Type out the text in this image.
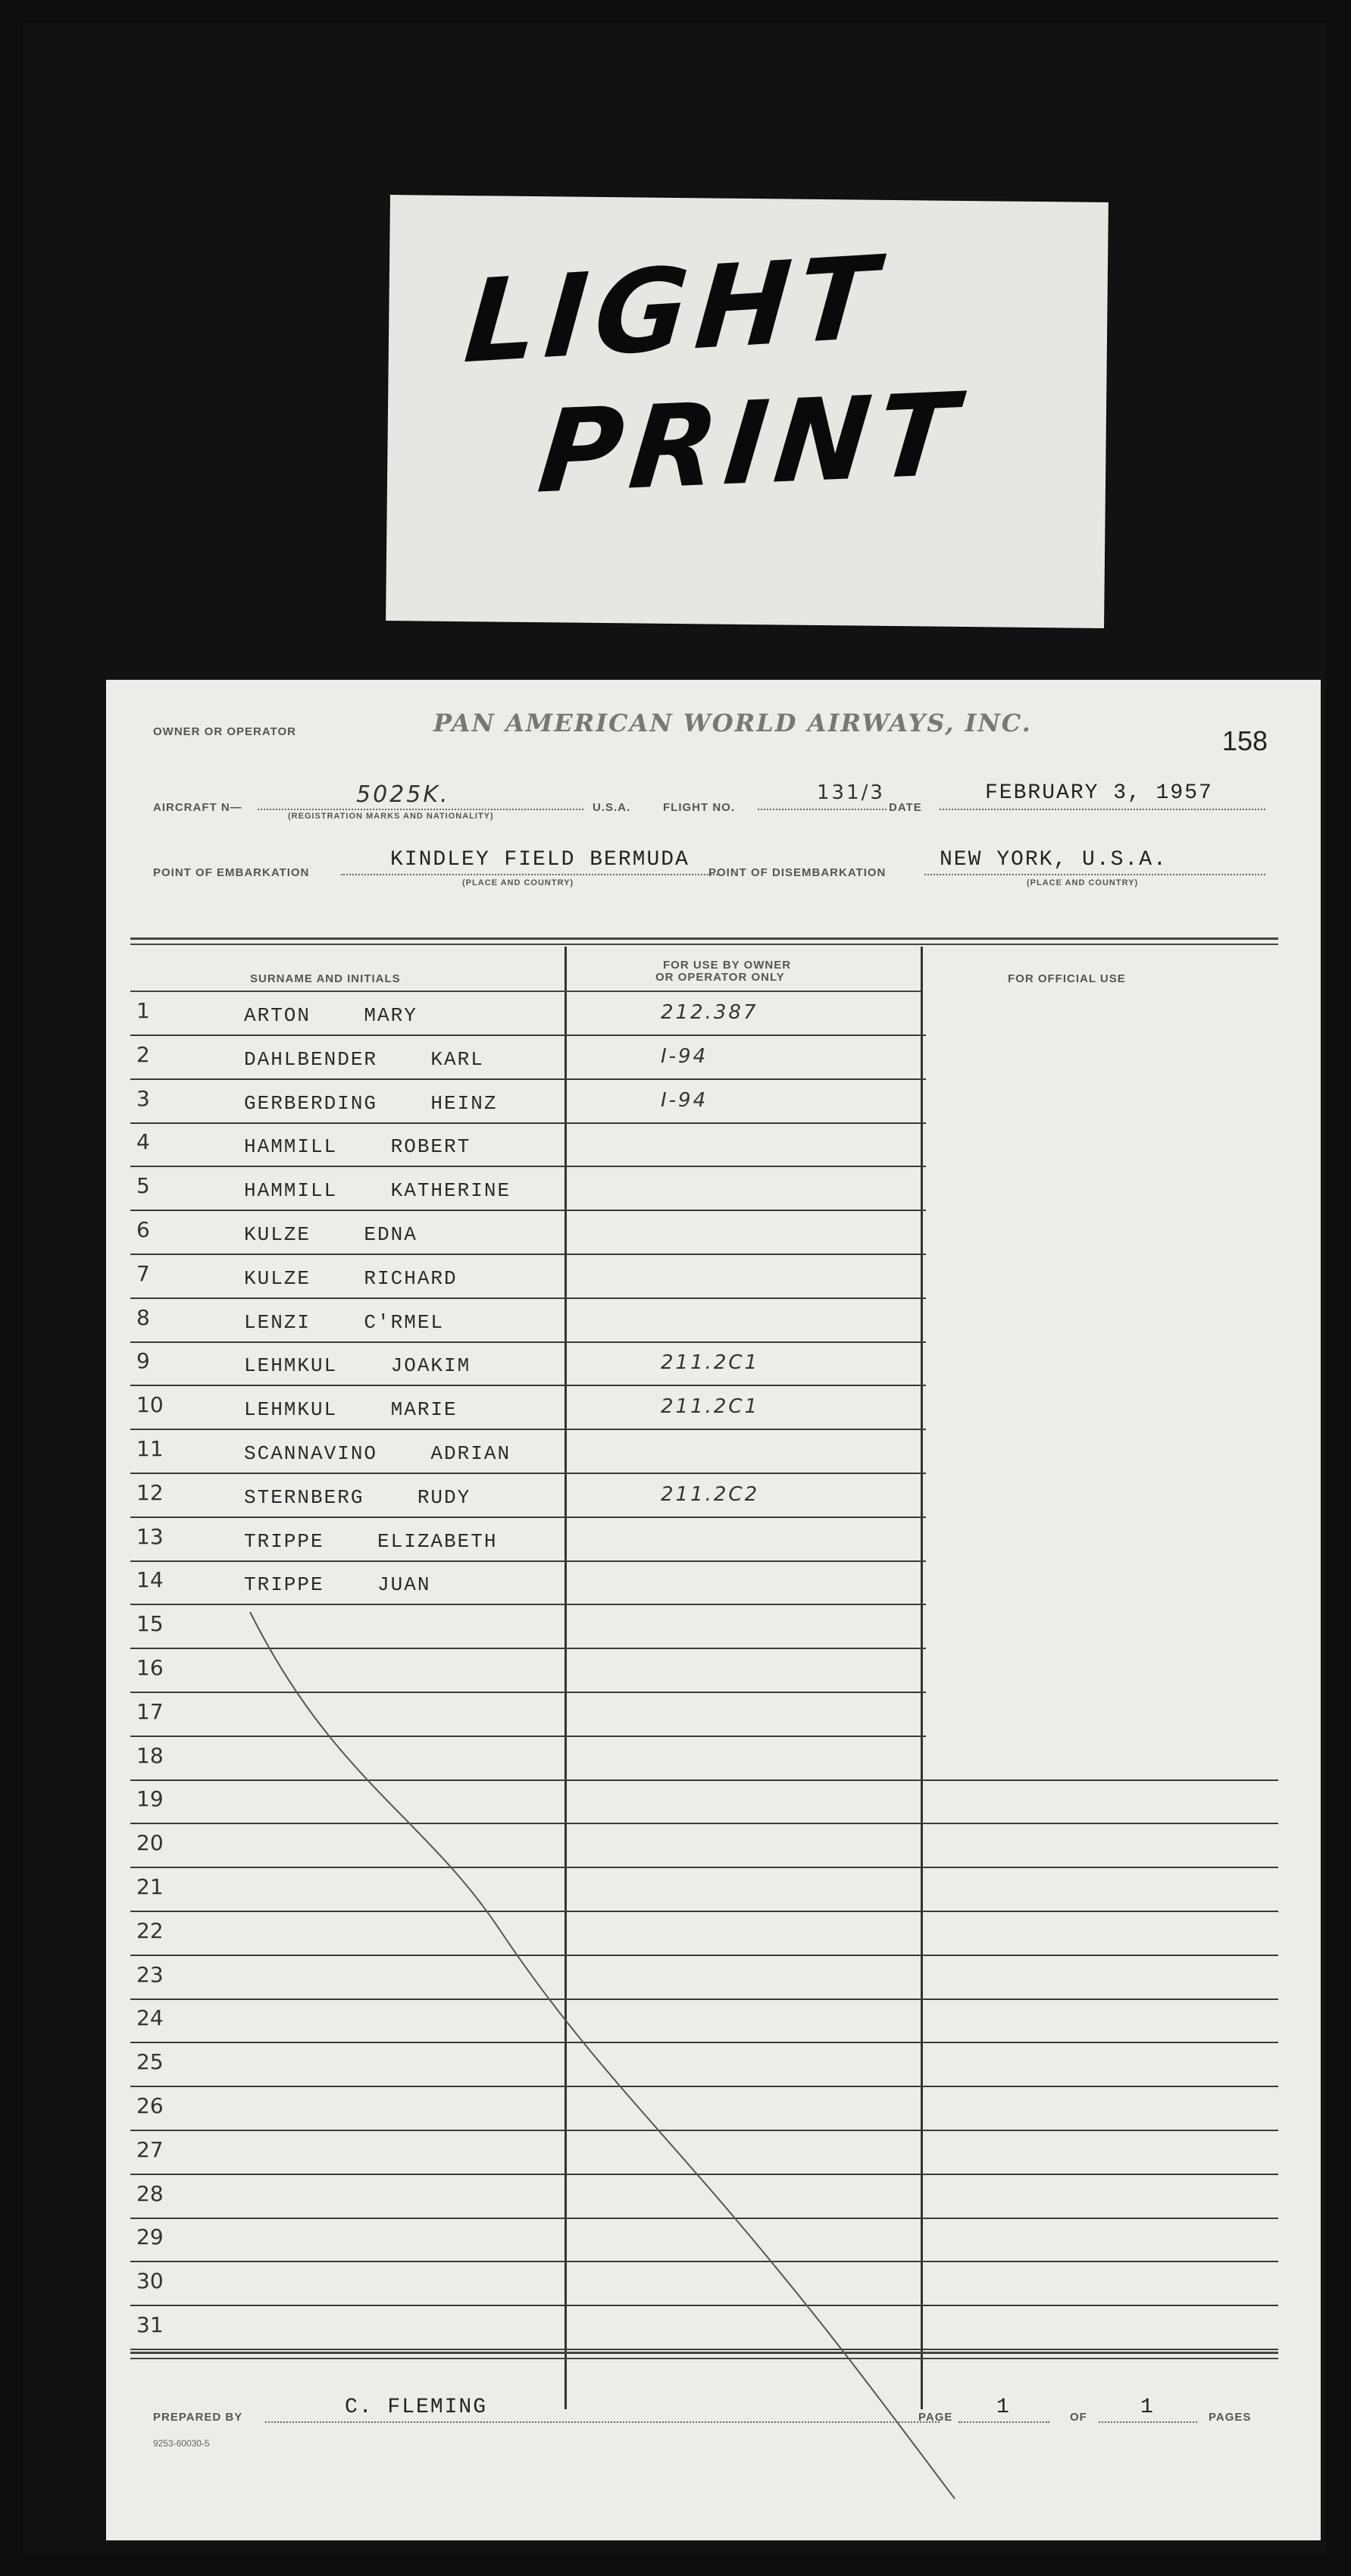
LIGHT
PRINT
OWNER OR OPERATOR	PAN AMERICAN WORLD AIRWAYS, INC.
158
AIRCRAFT N—	5025K.
(REGISTRATION MARKS AND NATIONALITY)
U.S.A.	FLIGHT NO.
131/3
DATE
FEBRUARY 3, 1957
POINT OF EMBARKATION
KINDLEY FIELD BERMUDA
(PLACE AND COUNTRY)
POINT OF DISEMBARKATION
NEW YORK, U.S.A.
(PLACE AND COUNTRY)
SURNAME AND INITIALS
FOR USE BY OWNER
OR OPERATOR ONLY	FOR OFFICIAL USE
1	ARTON    MARY	212.387
2	DAHLBENDER    KARL	I-94
3	GERBERDING    HEINZ	I-94
4	HAMMILL    ROBERT
5	HAMMILL    KATHERINE
6	KULZE    EDNA
7	KULZE    RICHARD
8	LENZI    C'RMEL
9	LEHMKUL    JOAKIM	211.2C1
10	LEHMKUL    MARIE	211.2C1
11	SCANNAVINO    ADRIAN
12	STERNBERG    RUDY	211.2C2
13	TRIPPE    ELIZABETH
14	TRIPPE    JUAN
15
16
17
18
19
20
21
22
23
24
25
26
27
28
29
30
31
PREPARED BY	C. FLEMING	PAGE 1	OF	1	PAGES
9253-60030-5
